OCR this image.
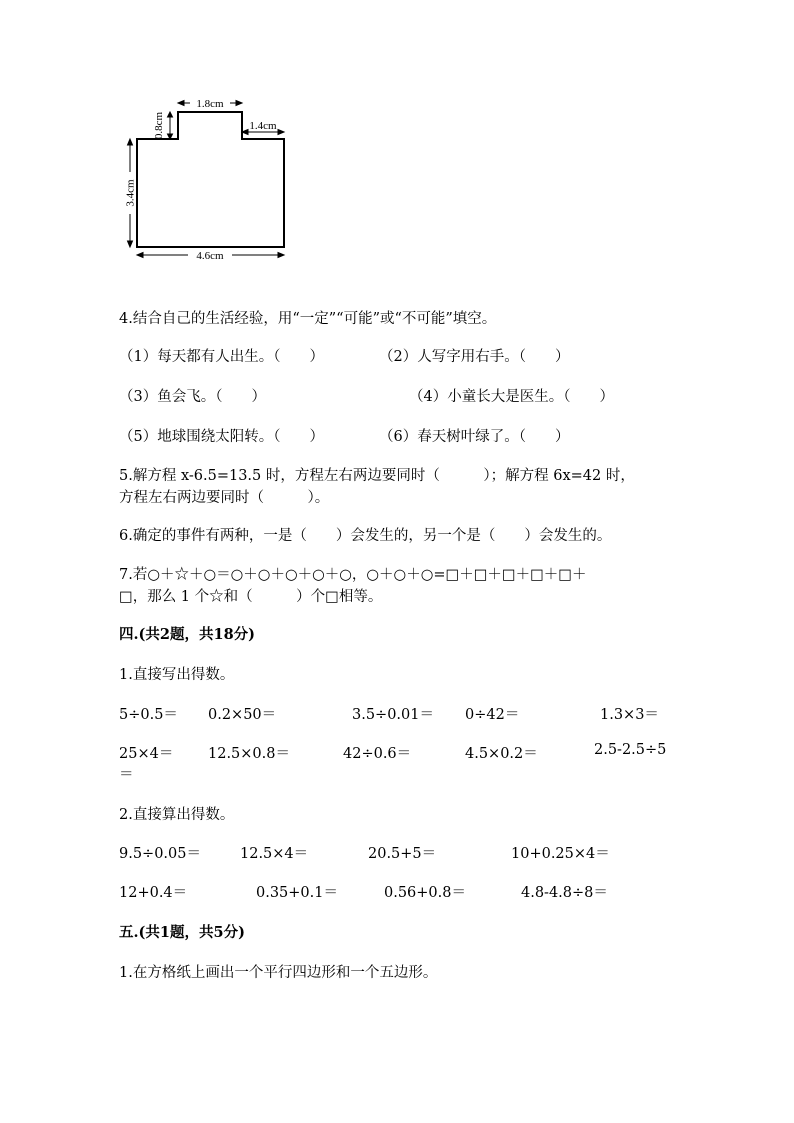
1.8cm
0.8cm	1.4cm
3.4cm
4.6cm
4.结合自己的生活经验，用“一定”“可能”或“不可能”填空。
（1）每天都有人出生。（　　）	（2）人写字用右手。（　　）
（3）鱼会飞。（　　）	（4）小童长大是医生。（　　）
（5）地球围绕太阳转。（　　）	（6）春天树叶绿了。（　　）
5.解方程 x-6.5=13.5 时，方程左右两边要同时（　　　）；解方程 6x=42 时，
方程左右两边要同时（　　　）。
6.确定的事件有两种，一是（　　）会发生的，另一个是（　　）会发生的。
7.若○＋☆＋○＝○＋○＋○＋○＋○，○＋○＋○=□＋□＋□＋□＋□＋
□，那么 1 个☆和（　　　）个□相等。
四.(共2题，共18分)
1.直接写出得数。
5÷0.5＝ 0.2×50＝	3.5÷0.01＝ 0÷42＝	1.3×3＝
25×4＝ 12.5×0.8＝	42÷0.6＝	4.5×0.2＝	2.5-2.5÷5
＝
2.直接算出得数。
9.5÷0.05＝	12.5×4＝	20.5+5＝	10+0.25×4＝
12+0.4＝	0.35+0.1＝	0.56+0.8＝	4.8-4.8÷8＝
五.(共1题，共5分)
1.在方格纸上画出一个平行四边形和一个五边形。
